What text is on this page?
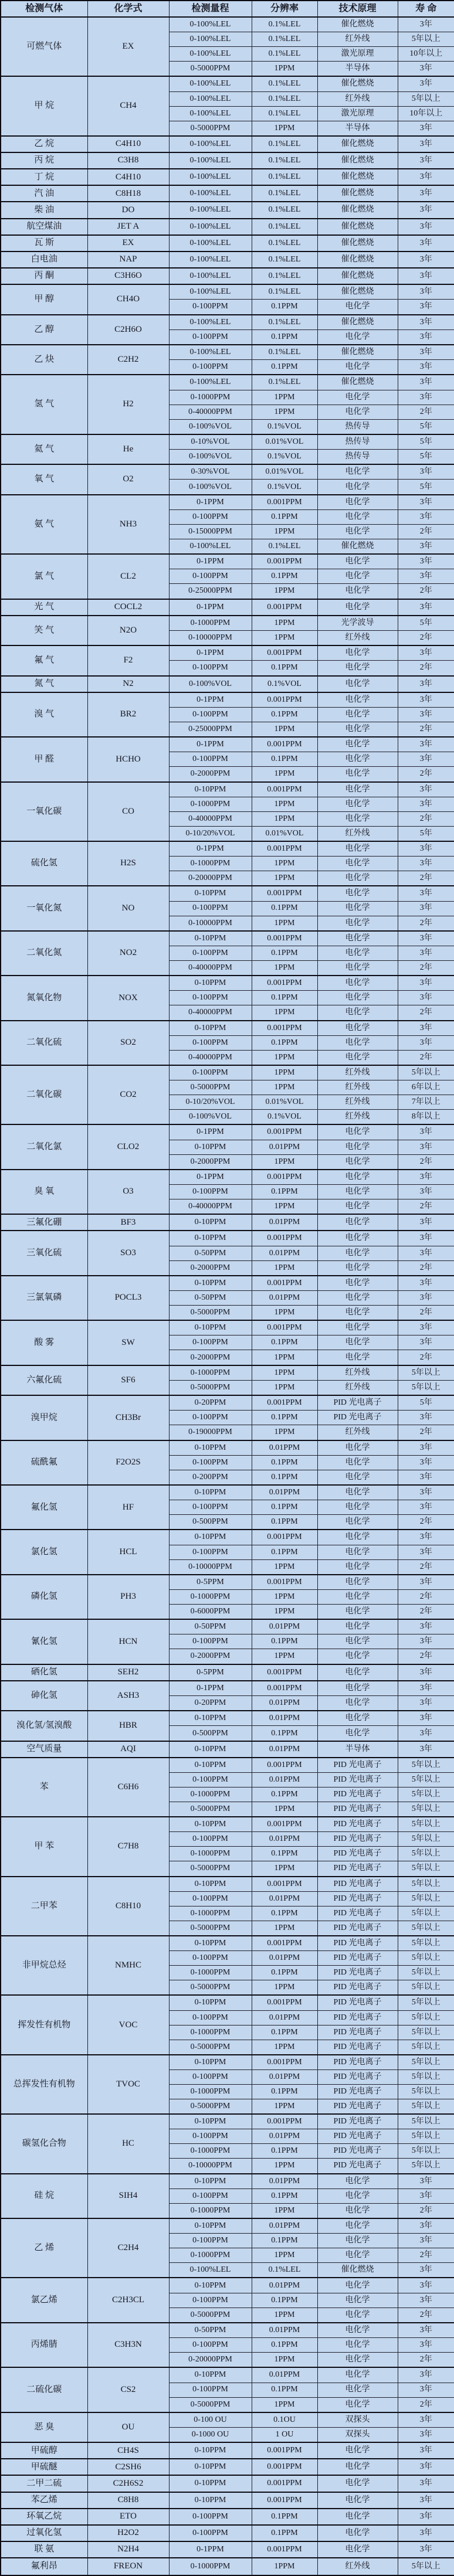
检测气体	化学式	检测量程	分辨率	技术原理	寿 命
可燃气体	EX	0-100%LEL	0.1%LEL	催化燃烧	3年
		0-100%LEL	0.1%LEL	红外线	5年以上
		0-100%LEL	0.1%LEL	激光原理	10年以上
		0-5000PPM	1PPM	半导体	3年
甲 烷	CH4	0-100%LEL	0.1%LEL	催化燃烧	3年
		0-100%LEL	0.1%LEL	红外线	5年以上
		0-100%LEL	0.1%LEL	激光原理	10年以上
		0-5000PPM	1PPM	半导体	3年
乙 烷	C4H10	0-100%LEL	0.1%LEL	催化燃烧	3年
丙 烷	C3H8	0-100%LEL	0.1%LEL	催化燃烧	3年
丁 烷	C4H10	0-100%LEL	0.1%LEL	催化燃烧	3年
汽 油	C8H18	0-100%LEL	0.1%LEL	催化燃烧	3年
柴 油	DO	0-100%LEL	0.1%LEL	催化燃烧	3年
航空煤油	JET A	0-100%LEL	0.1%LEL	催化燃烧	3年
瓦 斯	EX	0-100%LEL	0.1%LEL	催化燃烧	3年
白电油	NAP	0-100%LEL	0.1%LEL	催化燃烧	3年
丙 酮	C3H6O	0-100%LEL	0.1%LEL	催化燃烧	3年
甲 醇	CH4O	0-100%LEL	0.1%LEL	催化燃烧	3年
		0-100PPM	0.1PPM	电化学	3年
乙 醇	C2H6O	0-100%LEL	0.1%LEL	催化燃烧	3年
		0-100PPM	0.1PPM	电化学	3年
乙 炔	C2H2	0-100%LEL	0.1%LEL	催化燃烧	3年
		0-100PPM	0.1PPM	电化学	3年
氢 气	H2	0-100%LEL	0.1%LEL	催化燃烧	3年
		0-1000PPM	1PPM	电化学	3年
		0-40000PPM	1PPM	电化学	2年
		0-100%VOL	0.1%VOL	热传导	5年
氦 气	He	0-10%VOL	0.01%VOL	热传导	5年
		0-100%VOL	0.1%VOL	热传导	5年
氧 气	O2	0-30%VOL	0.01%VOL	电化学	3年
		0-100%VOL	0.1%VOL	电化学	5年
氨 气	NH3	0-1PPM	0.001PPM	电化学	3年
		0-100PPM	0.1PPM	电化学	3年
		0-15000PPM	1PPM	电化学	2年
		0-100%LEL	0.1%LEL	催化燃烧	3年
氯 气	CL2	0-1PPM	0.001PPM	电化学	3年
		0-100PPM	0.1PPM	电化学	3年
		0-25000PPM	1PPM	电化学	2年
光 气	COCL2	0-1PPM	0.001PPM	电化学	3年
笑 气	N2O	0-1000PPM	1PPM	光学波导	5年
		0-10000PPM	1PPM	红外线	2年
氟 气	F2	0-1PPM	0.001PPM	电化学	3年
		0-100PPM	0.1PPM	电化学	2年
氮 气	N2	0-100%VOL	0.1%VOL	电化学	3年
溴 气	BR2	0-1PPM	0.001PPM	电化学	3年
		0-100PPM	0.1PPM	电化学	3年
		0-25000PPM	1PPM	电化学	2年
甲 醛	HCHO	0-1PPM	0.001PPM	电化学	3年
		0-100PPM	0.1PPM	电化学	3年
		0-2000PPM	1PPM	电化学	2年
一氧化碳	CO	0-10PPM	0.001PPM	电化学	3年
		0-1000PPM	1PPM	电化学	3年
		0-40000PPM	1PPM	电化学	2年
		0-10/20%VOL	0.01%VOL	红外线	5年
硫化氢	H2S	0-1PPM	0.001PPM	电化学	3年
		0-1000PPM	1PPM	电化学	3年
		0-20000PPM	1PPM	电化学	2年
一氧化氮	NO	0-10PPM	0.001PPM	电化学	3年
		0-100PPM	0.1PPM	电化学	3年
		0-10000PPM	1PPM	电化学	2年
二氧化氮	NO2	0-10PPM	0.001PPM	电化学	3年
		0-100PPM	0.1PPM	电化学	3年
		0-40000PPM	1PPM	电化学	2年
氮氧化物	NOX	0-10PPM	0.001PPM	电化学	3年
		0-100PPM	0.1PPM	电化学	3年
		0-40000PPM	1PPM	电化学	2年
二氧化硫	SO2	0-10PPM	0.001PPM	电化学	3年
		0-100PPM	0.1PPM	电化学	3年
		0-40000PPM	1PPM	电化学	2年
二氧化碳	CO2	0-100PPM	1PPM	红外线	5年以上
		0-5000PPM	1PPM	红外线	6年以上
		0-10/20%VOL	0.01%VOL	红外线	7年以上
		0-100%VOL	0.1%VOL	红外线	8年以上
二氧化氯	CLO2	0-1PPM	0.001PPM	电化学	3年
		0-10PPM	0.01PPM	电化学	3年
		0-2000PPM	1PPM	电化学	2年
臭 氧	O3	0-1PPM	0.001PPM	电化学	3年
		0-100PPM	0.1PPM	电化学	3年
		0-40000PPM	1PPM	电化学	2年
三氟化硼	BF3	0-10PPM	0.01PPM	电化学	3年
三氧化硫	SO3	0-10PPM	0.001PPM	电化学	3年
		0-50PPM	0.01PPM	电化学	3年
		0-2000PPM	1PPM	电化学	2年
三氯氧磷	POCL3	0-10PPM	0.001PPM	电化学	3年
		0-50PPM	0.01PPM	电化学	3年
		0-5000PPM	1PPM	电化学	2年
酸 雾	SW	0-10PPM	0.001PPM	电化学	3年
		0-100PPM	0.1PPM	电化学	3年
		0-2000PPM	1PPM	电化学	2年
六氟化硫	SF6	0-1000PPM	1PPM	红外线	5年以上
		0-5000PPM	1PPM	红外线	5年以上
溴甲烷	CH3Br	0-20PPM	0.001PPM	PID 光电离子	5年
		0-100PPM	0.1PPM	PID 光电离子	3年
		0-19000PPM	1PPM	红外线	2年
硫酰氟	F2O2S	0-10PPM	0.01PPM	电化学	3年
		0-100PPM	0.1PPM	电化学	3年
		0-200PPM	0.1PPM	电化学	3年
氟化氢	HF	0-10PPM	0.01PPM	电化学	3年
		0-100PPM	0.1PPM	电化学	3年
		0-500PPM	0.1PPM	电化学	2年
氯化氢	HCL	0-10PPM	0.001PPM	电化学	3年
		0-100PPM	0.1PPM	电化学	3年
		0-10000PPM	1PPM	电化学	2年
磷化氢	PH3	0-5PPM	0.001PPM	电化学	3年
		0-1000PPM	1PPM	电化学	2年
		0-6000PPM	1PPM	电化学	2年
氰化氢	HCN	0-50PPM	0.01PPM	电化学	3年
		0-100PPM	0.1PPM	电化学	3年
		0-2000PPM	1PPM	电化学	2年
硒化氢	SEH2	0-5PPM	0.001PPM	电化学	3年
砷化氢	ASH3	0-1PPM	0.001PPM	电化学	3年
		0-20PPM	0.01PPM	电化学	3年
溴化氢/氢溴酸	HBR	0-10PPM	0.01PPM	电化学	3年
		0-500PPM	0.1PPM	电化学	3年
空气质量	AQI	0-10PPM	0.01PPM	半导体	3年
苯	C6H6	0-10PPM	0.001PPM	PID 光电离子	5年以上
		0-100PPM	0.01PPM	PID 光电离子	5年以上
		0-1000PPM	0.1PPM	PID 光电离子	5年以上
		0-5000PPM	1PPM	PID 光电离子	5年以上
甲 苯	C7H8	0-10PPM	0.001PPM	PID 光电离子	5年以上
		0-100PPM	0.01PPM	PID 光电离子	5年以上
		0-1000PPM	0.1PPM	PID 光电离子	5年以上
		0-5000PPM	1PPM	PID 光电离子	5年以上
二甲苯	C8H10	0-10PPM	0.001PPM	PID 光电离子	5年以上
		0-100PPM	0.01PPM	PID 光电离子	5年以上
		0-1000PPM	0.1PPM	PID 光电离子	5年以上
		0-5000PPM	1PPM	PID 光电离子	5年以上
非甲烷总烃	NMHC	0-10PPM	0.001PPM	PID 光电离子	5年以上
		0-100PPM	0.01PPM	PID 光电离子	5年以上
		0-1000PPM	0.1PPM	PID 光电离子	5年以上
		0-5000PPM	1PPM	PID 光电离子	5年以上
挥发性有机物	VOC	0-10PPM	0.001PPM	PID 光电离子	5年以上
		0-100PPM	0.01PPM	PID 光电离子	5年以上
		0-1000PPM	0.1PPM	PID 光电离子	5年以上
		0-5000PPM	1PPM	PID 光电离子	5年以上
总挥发性有机物	TVOC	0-10PPM	0.001PPM	PID 光电离子	5年以上
		0-100PPM	0.01PPM	PID 光电离子	5年以上
		0-1000PPM	0.1PPM	PID 光电离子	5年以上
		0-5000PPM	1PPM	PID 光电离子	5年以上
碳氢化合物	HC	0-10PPM	0.001PPM	PID 光电离子	5年以上
		0-100PPM	0.01PPM	PID 光电离子	5年以上
		0-1000PPM	0.1PPM	PID 光电离子	5年以上
		0-10000PPM	1PPM	PID 光电离子	5年以上
硅 烷	SIH4	0-10PPM	0.01PPM	电化学	3年
		0-100PPM	0.1PPM	电化学	3年
		0-1000PPM	1PPM	电化学	2年
乙 烯	C2H4	0-10PPM	0.01PPM	电化学	3年
		0-100PPM	0.1PPM	电化学	3年
		0-1000PPM	1PPM	电化学	2年
		0-100%LEL	0.1%LEL	催化燃烧	3年
氯乙烯	C2H3CL	0-10PPM	0.01PPM	电化学	3年
		0-100PPM	0.1PPM	电化学	3年
		0-5000PPM	1PPM	电化学	2年
丙烯腈	C3H3N	0-50PPM	0.01PPM	电化学	3年
		0-100PPM	0.1PPM	电化学	3年
		0-20000PPM	1PPM	电化学	2年
二硫化碳	CS2	0-10PPM	0.01PPM	电化学	3年
		0-100PPM	0.1PPM	电化学	3年
		0-5000PPM	1PPM	电化学	2年
恶 臭	OU	0-100 OU	0.1OU	双探头	3年
		0-1000 OU	1 OU	双探头	3年
甲硫醇	CH4S	0-10PPM	0.001PPM	电化学	3年
甲硫醚	C2SH6	0-10PPM	0.001PPM	电化学	3年
二甲二硫	C2H6S2	0-10PPM	0.001PPM	电化学	3年
苯乙烯	C8H8	0-10PPM	0.001PPM	电化学	3年
环氧乙烷	ETO	0-100PPM	0.1PPM	电化学	3年
过氧化氢	H2O2	0-100PPM	0.1PPM	电化学	3年
联 氨	N2H4	0-1PPM	0.001PPM	电化学	3年
氟利昂	FREON	0-1000PPM	1PPM	红外线	5年以上
